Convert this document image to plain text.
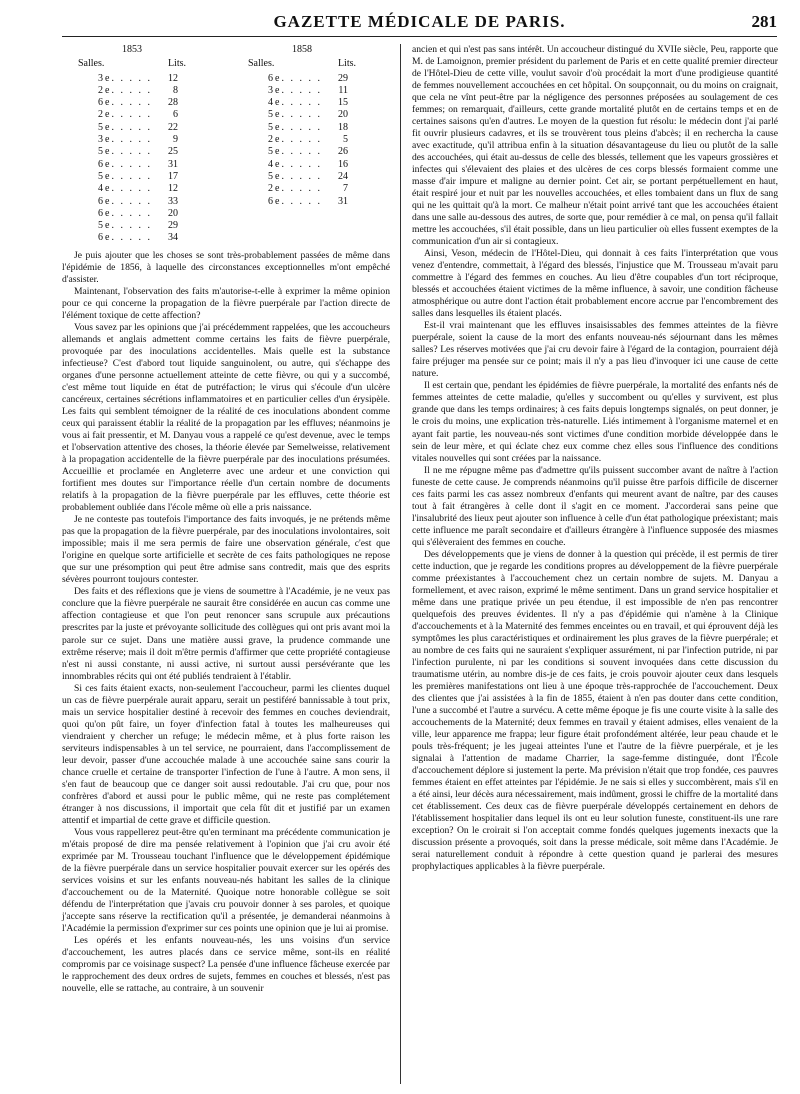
GAZETTE MÉDICALE DE PARIS.	281
1853
Salles.	Lits.
3e. . . . . 12
2e. . . . . 8
6e. . . . . 28
2e. . . . . 6
5e. . . . . 22
3e. . . . . 9
5e. . . . . 25
6e. . . . . 31
5e. . . . . 17
4e. . . . . 12
6e. . . . . 33
6e. . . . . 20
5e. . . . . 29
6e. . . . . 34
1858
Salles.	Lits.
6e. . . . . 29
3e. . . . . 11
4e. . . . . 15
5e. . . . . 20
5e. . . . . 18
2e. . . . . 5
5e. . . . . 26
4e. . . . . 16
5e. . . . . 24
2e. . . . . 7
6e. . . . . 31

Je puis ajouter que les choses se sont très-probablement passées de même dans l'épidémie de 1856, à laquelle des circonstances exceptionnelles m'ont empêché d'assister.

Maintenant, l'observation des faits m'autorise-t-elle à exprimer la même opinion pour ce qui concerne la propagation de la fièvre puerpérale par l'action directe de l'élément toxique de cette affection?

Vous savez par les opinions que j'ai précédemment rappelées, que les accoucheurs allemands et anglais admettent comme certains les faits de fièvre puerpérale, provoquée par des inoculations accidentelles. Mais quelle est la substance infectieuse? C'est d'abord tout liquide sanguinolent, ou autre, qui s'échappe des organes d'une personne actuellement atteinte de cette fièvre, ou qui y a succombé, c'est même tout liquide en état de putréfaction; le virus qui s'écoule d'un ulcère cancéreux, certaines sécrétions inflammatoires et en particulier celles d'un érysipèle. Les faits qui semblent témoigner de la réalité de ces inoculations abondent comme ceux qui paraissent établir la réalité de la propagation par les effluves; néanmoins je vous ai fait pressentir, et M. Danyau vous a rappelé ce qu'est devenue, avec le temps et l'observation attentive des choses, la théorie élevée par Semelweisse, relativement à la propagation accidentelle de la fièvre puerpérale par des inoculations présumées. Accueillie et proclamée en Angleterre avec une ardeur et une conviction qui fortifient mes doutes sur l'importance réelle d'un certain nombre de documents relatifs à la propagation de la fièvre puerpérale par les effluves, cette théorie est probablement oubliée dans l'école même où elle a pris naissance.

Je ne conteste pas toutefois l'importance des faits invoqués, je ne prétends même pas que la propagation de la fièvre puerpérale, par des inoculations involontaires, soit impossible; mais il me sera permis de faire une observation générale, c'est que l'origine en quelque sorte artificielle et secrète de ces faits pathologiques ne repose que sur une présomption qui peut être admise sans contredit, mais que des esprits sévères pourront toujours contester.

Des faits et des réflexions que je viens de soumettre à l'Académie, je ne veux pas conclure que la fièvre puerpérale ne saurait être considérée en aucun cas comme une affection contagieuse et que l'on peut renoncer sans scrupule aux précautions prescrites par la juste et prévoyante sollicitude des collègues qui ont pris avant moi la parole sur ce sujet. Dans une matière aussi grave, la prudence commande une extrême réserve; mais il doit m'être permis d'affirmer que cette propriété contagieuse n'est ni aussi constante, ni aussi active, ni surtout aussi persévérante que les innombrables récits qui ont été publiés tendraient à l'établir.

Si ces faits étaient exacts, non-seulement l'accoucheur, parmi les clientes duquel un cas de fièvre puerpérale aurait apparu, serait un pestiféré bannissable à tout prix, mais un service hospitalier destiné à recevoir des femmes en couches deviendrait, quoi qu'on pût faire, un foyer d'infection fatal à toutes les malheureuses qui viendraient y chercher un refuge; le médecin même, et à plus forte raison les serviteurs indispensables à un tel service, ne pourraient, dans l'accomplissement de leur devoir, passer d'une accouchée malade à une accouchée saine sans courir la chance cruelle et certaine de transporter l'infection de l'une à l'autre. A mon sens, il s'en faut de beaucoup que ce danger soit aussi redoutable. J'ai cru que, pour nos confrères d'abord et aussi pour le public même, qui ne reste pas complétement étranger à nos discussions, il importait que cela fût dit et justifié par un examen attentif et impartial de cette grave et difficile question.

Vous vous rappellerez peut-être qu'en terminant ma précédente communication je m'étais proposé de dire ma pensée relativement à l'opinion que j'ai cru avoir été exprimée par M. Trousseau touchant l'influence que le développement épidémique de la fièvre puerpérale dans un service hospitalier pouvait exercer sur les opérés des services voisins et sur les enfants nouveau-nés habitant les salles de la clinique d'accouchement ou de la Maternité. Quoique notre honorable collègue se soit défendu de l'interprétation que j'avais cru pouvoir donner à ses paroles, et quoique j'accepte sans réserve la rectification qu'il a présentée, je demanderai néanmoins à l'Académie la permission d'exprimer sur ces points une opinion que je lui ai promise.

Les opérés et les enfants nouveau-nés, les uns voisins d'un service d'accouchement, les autres placés dans ce service même, sont-ils en réalité compromis par ce voisinage suspect? La pensée d'une influence fâcheuse exercée par le rapprochement des deux ordres de sujets, femmes en couches et blessés, n'est pas nouvelle, elle se rattache, au contraire, à un souvenir

ancien et qui n'est pas sans intérêt. Un accoucheur distingué du XVIIe siècle, Peu, rapporte que M. de Lamoignon, premier président du parlement de Paris et en cette qualité premier directeur de l'Hôtel-Dieu de cette ville, voulut savoir d'où procédait la mort d'une prodigieuse quantité de femmes nouvellement accouchées en cet hôpital. On soupçonnait, ou du moins on craignait, que cela ne vînt peut-être par la négligence des personnes préposées au soulagement de ces femmes; on remarquait, d'ailleurs, cette grande mortalité plutôt en de certains temps et en de certaines saisons qu'en d'autres. Le moyen de la question fut résolu: le médecin dont j'ai parlé fit ouvrir plusieurs cadavres, et ils se trouvèrent tous pleins d'abcès; il en rechercha la cause avec exactitude, qu'il attribua enfin à la situation désavantageuse du lieu ou plutôt de la salle des accouchées, qui était au-dessus de celle des blessés, tellement que les vapeurs grossières et infectes qui s'élevaient des plaies et des ulcères de ces corps blessés formaient comme une masse d'air impure et maligne au dernier point. Cet air, se portant perpétuellement en haut, était respiré jour et nuit par les nouvelles accouchées, et elles tombaient dans un flux de sang qui ne les quittait qu'à la mort. Ce malheur n'était point arrivé tant que les accouchées étaient dans une salle au-dessous des autres, de sorte que, pour remédier à ce mal, on pensa qu'il fallait mettre les accouchées, s'il était possible, dans un lieu particulier où elles fussent exemptes de la communication d'un air si contagieux.

Ainsi, Veson, médecin de l'Hôtel-Dieu, qui donnait à ces faits l'interprétation que vous venez d'entendre, commettait, à l'égard des blessés, l'injustice que M. Trousseau m'avait paru commettre à l'égard des femmes en couches. Au lieu d'être coupables d'un tort réciproque, blessés et accouchées étaient victimes de la même influence, à savoir, une condition fâcheuse atmosphérique ou autre dont l'action était probablement encore accrue par l'encombrement des salles dans lesquelles ils étaient placés.

Est-il vrai maintenant que les effluves insaisissables des femmes atteintes de la fièvre puerpérale, soient la cause de la mort des enfants nouveau-nés séjournant dans les mêmes salles? Les réserves motivées que j'ai cru devoir faire à l'égard de la contagion, pourraient déjà faire préjuger ma pensée sur ce point; mais il n'y a pas lieu d'invoquer ici une cause de cette nature.

Il est certain que, pendant les épidémies de fièvre puerpérale, la mortalité des enfants nés de femmes atteintes de cette maladie, qu'elles y succombent ou qu'elles y survivent, est plus grande que dans les temps ordinaires; à ces faits depuis longtemps signalés, on peut donner, je le crois du moins, une explication très-naturelle. Liés intimement à l'organisme maternel et en ayant fait partie, les nouveau-nés sont victimes d'une condition morbide développée dans le sein de leur mère, et qui éclate chez eux comme chez elles sous l'influence des conditions vitales nouvelles qui sont créées par la naissance.

Il ne me répugne même pas d'admettre qu'ils puissent succomber avant de naître à l'action funeste de cette cause. Je comprends néanmoins qu'il puisse être parfois difficile de discerner ces faits parmi les cas assez nombreux d'enfants qui meurent avant de naître, par des causes tout à fait étrangères à celle dont il s'agit en ce moment. J'accorderai sans peine que l'insalubrité des lieux peut ajouter son influence à celle d'un état pathologique préexistant; mais cette influence me paraît secondaire et d'ailleurs étrangère à l'influence supposée des miasmes qui s'élèveraient des femmes en couche.

Des développements que je viens de donner à la question qui précède, il est permis de tirer cette induction, que je regarde les conditions propres au développement de la fièvre puerpérale comme préexistantes à l'accouchement chez un certain nombre de sujets. M. Danyau a formellement, et avec raison, exprimé le même sentiment. Dans un grand service hospitalier et même dans une pratique privée un peu étendue, il est impossible de n'en pas rencontrer quelquefois des preuves évidentes. Il n'y a pas d'épidémie qui n'amène à la Clinique d'accouchements et à la Maternité des femmes enceintes ou en travail, et qui éprouvent déjà les symptômes les plus caractéristiques et ordinairement les plus graves de la fièvre puerpérale; et au nombre de ces faits qui ne sauraient s'expliquer assurément, ni par l'infection putride, ni par l'infection purulente, ni par les conditions si souvent invoquées dans cette discussion du traumatisme utérin, au nombre dis-je de ces faits, je crois pouvoir ajouter ceux dans lesquels les premières manifestations ont lieu à une époque très-rapprochée de l'accouchement. Deux des clientes que j'ai assistées à la fin de 1855, étaient à n'en pas douter dans cette condition, l'une a succombé et l'autre a survécu. A cette même époque je fis une courte visite à la salle des accouchements de la Maternité; deux femmes en travail y étaient admises, elles venaient de la ville, leur apparence me frappa; leur figure était profondément altérée, leur peau chaude et le pouls très-fréquent; je les jugeai atteintes l'une et l'autre de la fièvre puerpérale, et je les signalai à l'attention de madame Charrier, la sage-femme distinguée, dont l'École d'accouchement déplore si justement la perte. Ma prévision n'était que trop fondée, ces pauvres femmes étaient en effet atteintes par l'épidémie. Je ne sais si elles y succombèrent, mais s'il en a été ainsi, leur décès aura nécessairement, mais indûment, grossi le chiffre de la mortalité dans cet établissement. Ces deux cas de fièvre puerpérale développés certainement en dehors de l'établissement hospitalier dans lequel ils ont eu leur solution funeste, constituent-ils une rare exception? On le croirait si l'on acceptait comme fondés quelques jugements inexacts que la discussion présente a provoqués, soit dans la presse médicale, soit même dans l'Académie. Je serai naturellement conduit à répondre à cette question quand je parlerai des mesures prophylactiques applicables à la fièvre puerpérale.
